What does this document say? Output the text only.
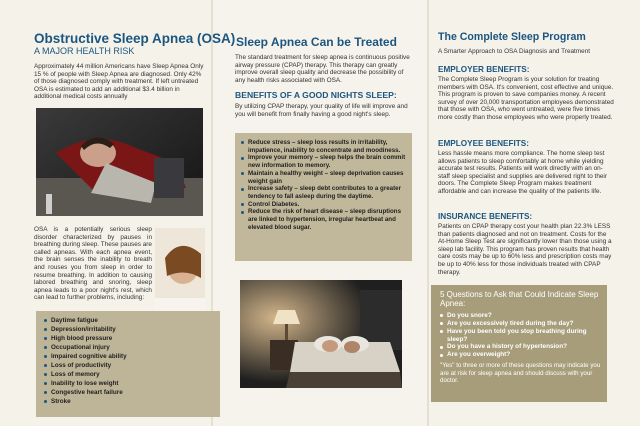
Obstructive Sleep Apnea (OSA)
A MAJOR HEALTH RISK

Approximately 44 million Americans have Sleep Apnea Only 15 % of people with Sleep Apnea are diagnosed. Only 42% of those diagnosed comply with treatment. If left untreated OSA is estimated to add an additional $3.4 billion in additional medical costs annually

OSA is a potentially serious sleep disorder characterized by pauses in breathing during sleep. These pauses are called apneas. With each apnea event, the brain senses the inability to breath and rouses you from sleep in order to resume breathing. In addition to causing labored breathing and snoring, sleep apnea leads to a poor night's rest, which can lead to further problems, including:

Daytime fatigue
Depression/irritability
High blood pressure
Occupational injury
Impaired cognitive ability
Loss of productivity
Loss of memory
Inability to lose weight
Congestive heart failure
Stroke
Sleep Apnea Can be Treated

The standard treatment for sleep apnea is continuous positive airway pressure (CPAP) therapy. This therapy can greatly improve overall sleep quality and decrease the possibility of any health risks associated with OSA.

BENEFITS OF A GOOD NIGHTS SLEEP:

By utilizing CPAP therapy, your quality of life will improve and you will benefit from finally having a good night's sleep.

Reduce stress – sleep loss results in irritability, impatience, inability to concentrate and moodiness.
Improve your memory – sleep helps the brain commit new information to memory.
Maintain a healthy weight – sleep deprivation causes weight gain
Increase safety – sleep debt contributes to a greater tendency to fall asleep during the daytime.
Control Diabetes.
Reduce the risk of heart disease – sleep disruptions are linked to hypertension, irregular heartbeat and elevated blood sugar.
The Complete Sleep Program
A Smarter Approach to OSA Diagnosis and Treatment
EMPLOYER BENEFITS:

The Complete Sleep Program is your solution for treating members with OSA. It's convenient, cost effective and unique. This program is proven to save companies money. A recent survey of over 20,000 transportation employees demonstrated that those with OSA, who went untreated, were five times more costly than those employees who were properly treated.

EMPLOYEE BENEFITS:

Less hassle means more compliance. The home sleep test allows patients to sleep comfortably at home while yielding accurate test results. Patients will work directly with an on-staff sleep specialist and supplies are delivered right to their doors. The Complete Sleep Program makes treatment affordable and can increase the quality of the patients life.

INSURANCE BENEFITS:

Patients on CPAP therapy cost your health plan 22.3% LESS than patients diagnosed and not on treatment. Costs for the At-Home Sleep Test are significantly lower than those using a sleep lab facility. This program has proven results that health care costs may be up to 60% less and prescription costs may be up to 40% less for those individuals treated with CPAP therapy.

5 Questions to Ask that Could Indicate Sleep Apnea:
Do you snore?
Are you excessively tired during the day?
Have you been told you stop breathing during sleep?
Do you have a history of hypertension?
Are you overweight?

"Yes" to three or more of these questions may indicate you are at risk for sleep apnea and should discuss with your doctor.
